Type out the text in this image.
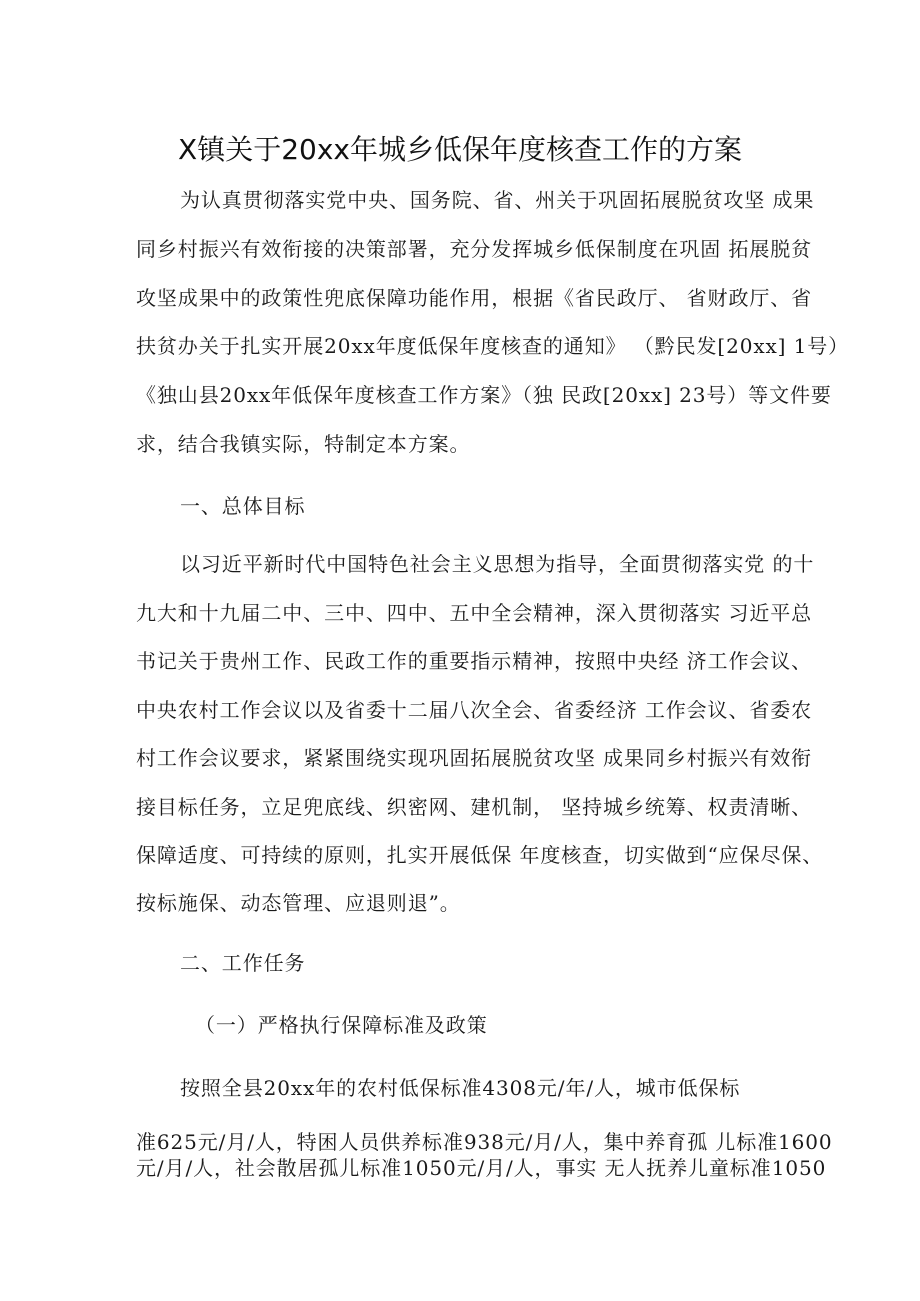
X镇关于20xx年城乡低保年度核查工作的方案
为认真贯彻落实党中央、国务院、省、州关于巩固拓展脱贫攻坚 成果
同乡村振兴有效衔接的决策部署，充分发挥城乡低保制度在巩固 拓展脱贫
攻坚成果中的政策性兜底保障功能作用，根据《省民政厅、 省财政厅、省
扶贫办关于扎实开展20xx年度低保年度核查的通知》 （黔民发[20xx] 1号）
《独山县20xx年低保年度核查工作方案》（独 民政[20xx] 23号）等文件要
求，结合我镇实际，特制定本方案。
一、总体目标
以习近平新时代中国特色社会主义思想为指导，全面贯彻落实党 的十
九大和十九届二中、三中、四中、五中全会精神，深入贯彻落实 习近平总
书记关于贵州工作、民政工作的重要指示精神，按照中央经 济工作会议、
中央农村工作会议以及省委十二届八次全会、省委经济 工作会议、省委农
村工作会议要求，紧紧围绕实现巩固拓展脱贫攻坚 成果同乡村振兴有效衔
接目标任务，立足兜底线、织密网、建机制， 坚持城乡统筹、权责清晰、
保障适度、可持续的原则，扎实开展低保 年度核查，切实做到“应保尽保、
按标施保、动态管理、应退则退”。
二、工作任务
（一）严格执行保障标准及政策
按照全县20xx年的农村低保标准4308元/年/人，城市低保标
准625元/月/人，特困人员供养标准938元/月/人，集中养育孤 儿标准1600
元/月/人，社会散居孤儿标准1050元/月/人，事实 无人抚养儿童标准1050
